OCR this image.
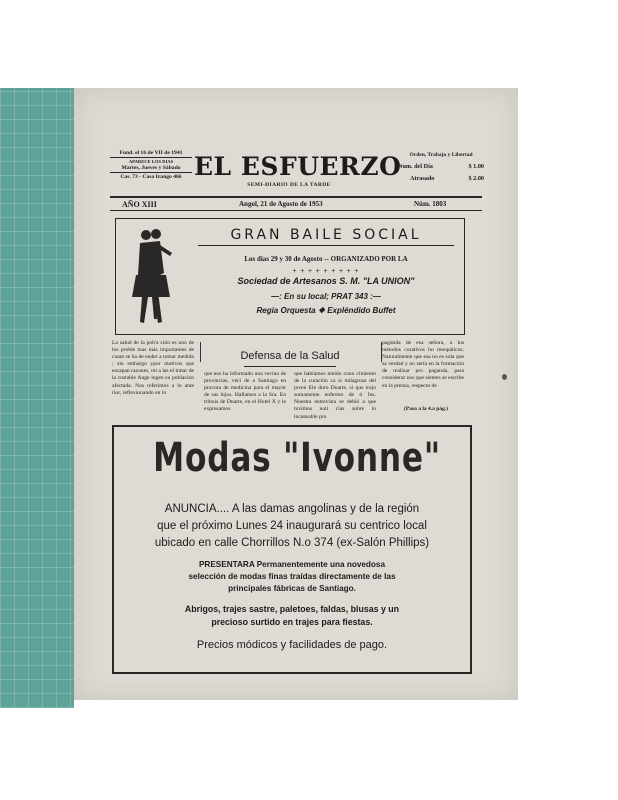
Fund. el 16 de VII de 1941
APARECE LOS DIAS
Martes, Jueves y Sábado
Cas. 73 - Casa Irango 466 EL ESFUERZO
SEMI-DIARIO DE LA TARDE
Orden, Trabajo y Libertad
Num. del Día	$ 1.00
Atrasado	$ 2.00
AÑO XIII	Angol, 21 de Agosto de 1953	Núm. 1803
GRAN BAILE SOCIAL
Los días 29 y 30 de Agosto -- ORGANIZADO POR LA
+ + + + + + + + +
Sociedad de Artesanos S. M. "LA UNION"
—: En su local; PRAT 343 :—
Regia Orquesta ❖ Expléndido Buffet
La salud de la pob'a ción es uno de los proble mas más importantes de cuant se ha de ender a tomar medida ; sin embargo ypor motivos que escapan razones, mi a las el tratar de la costable Ange ingen su población afectada. Nos referimos a lo ante rior, reflexionando en lo
Defensa de la Salud
que nos ha informado una vecino de provincias, vecí de a Santiago en procura de medicina para el mayor de sus hijos. Hallamos a la Sra. En tribuis de Duarte, en el Hotel X y le expresamos
que habíamos tenido cono cimiento de la curación ca si milagrosa del joven Ele doro Duarte, si que trajo sumamente enfermo de ti fus. Nuestra entrevista se debió a que tuvimos noti cias sobre lo incansable pro
paganda de esa señora, a los métodos curativos ho meopáticos. Naturalmente que esa no es sola que sa verdad y no sería en la formación de realizar pro paganda, para considerar nos que sientes se escribe en la prensa, respecto de
(Pasa a la 4.a pág.)
Modas "Ivonne"
ANUNCIA.... A las damas angolinas y de la región
que el próximo Lunes 24 inaugurará su centrico local
ubicado en calle Chorrillos N.o 374 (ex-Salón Phillips)
PRESENTARA Permanentemente una novedosa
selección de modas finas traídas directamente de las
principales fábricas de Santiago.
Abrigos, trajes sastre, paletoes, faldas, blusas y un
precioso surtido en trajes para fiestas.
Precios módicos y facilidades de pago.
